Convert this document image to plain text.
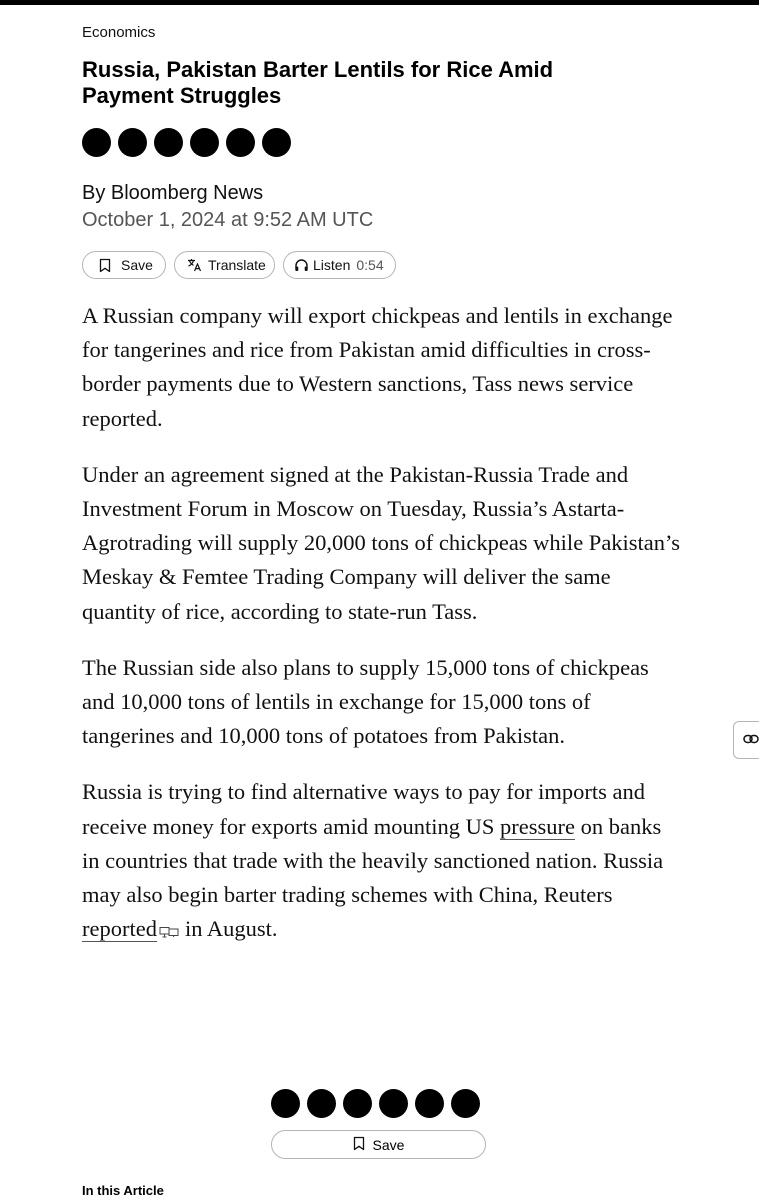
Economics
Russia, Pakistan Barter Lentils for Rice Amid Payment Struggles
By Bloomberg News
October 1, 2024 at 9:52 AM UTC
Save	Translate	Listen 0:54

A Russian company will export chickpeas and lentils in exchange for tangerines and rice from Pakistan amid difficulties in cross-border payments due to Western sanctions, Tass news service reported.

Under an agreement signed at the Pakistan-Russia Trade and Investment Forum in Moscow on Tuesday, Russia’s Astarta-Agrotrading will supply 20,000 tons of chickpeas while Pakistan’s Meskay & Femtee Trading Company will deliver the same quantity of rice, according to state-run Tass.

The Russian side also plans to supply 15,000 tons of chickpeas and 10,000 tons of lentils in exchange for 15,000 tons of tangerines and 10,000 tons of potatoes from Pakistan.

Russia is trying to find alternative ways to pay for imports and receive money for exports amid mounting US pressure on banks in countries that trade with the heavily sanctioned nation. Russia may also begin barter trading schemes with China, Reuters reported in August.

Save
In this Article
